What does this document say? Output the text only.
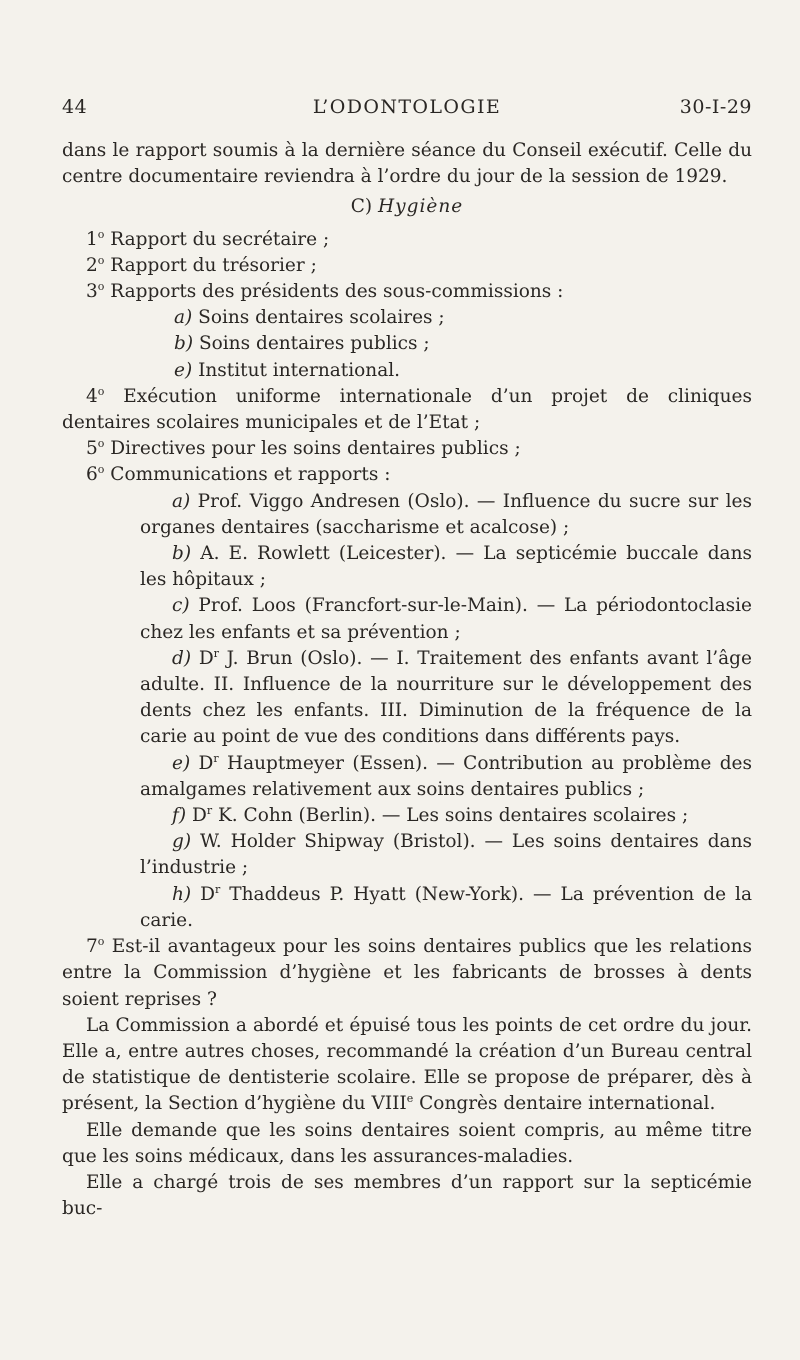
44	L’ODONTOLOGIE	30-I-29

dans le rapport soumis à la dernière séance du Conseil exécutif. Celle du centre documentaire reviendra à l’ordre du jour de la session de 1929.

C) Hygiène

1$^o$ Rapport du secrétaire ;

2$^o$ Rapport du trésorier ;

3$^o$ Rapports des présidents des sous-commissions :

a) Soins dentaires scolaires ;

b) Soins dentaires publics ;

e) Institut international.

4$^o$ Exécution uniforme internationale d’un projet de cliniques dentaires scolaires municipales et de l’Etat ;

5$^o$ Directives pour les soins dentaires publics ;

6$^o$ Communications et rapports :

a) Prof. Viggo Andresen (Oslo). — Influence du sucre sur les organes dentaires (saccharisme et acalcose) ;

b) A. E. Rowlett (Leicester). — La septicémie buccale dans les hôpitaux ;

c) Prof. Loos (Francfort-sur-le-Main). — La périodontoclasie chez les enfants et sa prévention ;

d) $D^r$ J. Brun (Oslo). — I. Traitement des enfants avant l’âge adulte. II. Influence de la nourriture sur le développement des dents chez les enfants. III. Diminution de la fréquence de la carie au point de vue des conditions dans différents pays.

e) $D^r$ Hauptmeyer (Essen). — Contribution au problème des amalgames relativement aux soins dentaires publics ;

f) $D^r$ K. Cohn (Berlin). — Les soins dentaires scolaires ;

g) W. Holder Shipway (Bristol). — Les soins dentaires dans l’industrie ;

h) $D^r$ Thaddeus P. Hyatt (New-York). — La prévention de la carie.

7$^o$ Est-il avantageux pour les soins dentaires publics que les relations entre la Commission d’hygiène et les fabricants de brosses à dents soient reprises ?

La Commission a abordé et épuisé tous les points de cet ordre du jour. Elle a, entre autres choses, recommandé la création d’un Bureau central de statistique de dentisterie scolaire. Elle se propose de préparer, dès à présent, la Section d’hygiène du VIIIe Congrès dentaire international.

Elle demande que les soins dentaires soient compris, au même titre que les soins médicaux, dans les assurances-maladies.

Elle a chargé trois de ses membres d’un rapport sur la septicémie buc-
